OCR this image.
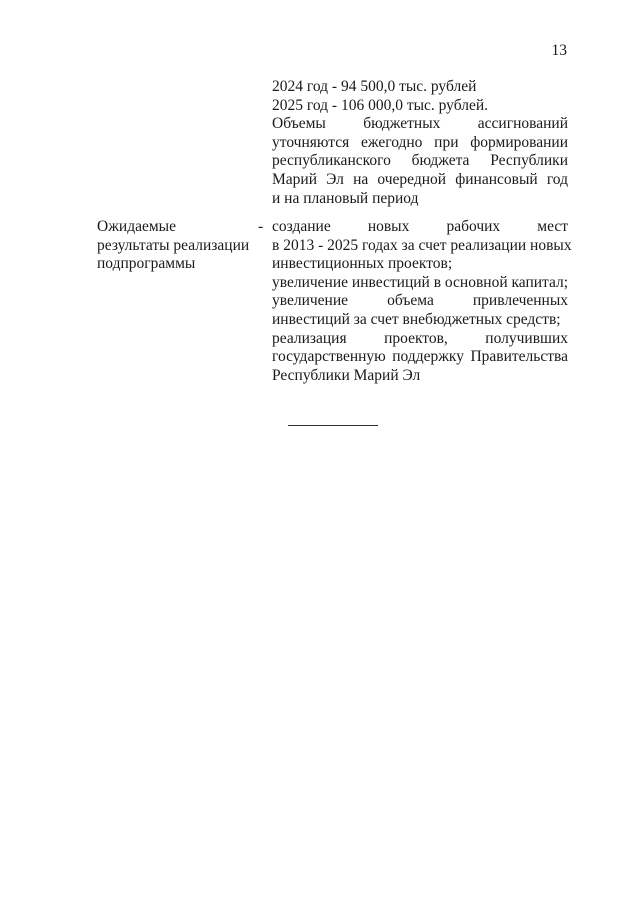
13
2024 год - 94 500,0 тыс. рублей
2025 год - 106 000,0 тыс. рублей.
Объемы бюджетных ассигнований
уточняются ежегодно при формировании
республиканского бюджета Республики
Марий Эл на очередной финансовый год
и на плановый период
Ожидаемые
результаты реализации
подпрограммы
- создание новых рабочих мест
в 2013 - 2025 годах за счет реализации новых
инвестиционных проектов;
увеличение инвестиций в основной капитал;
увеличение объема привлеченных
инвестиций за счет внебюджетных средств;
реализация проектов, получивших
государственную поддержку Правительства
Республики Марий Эл
